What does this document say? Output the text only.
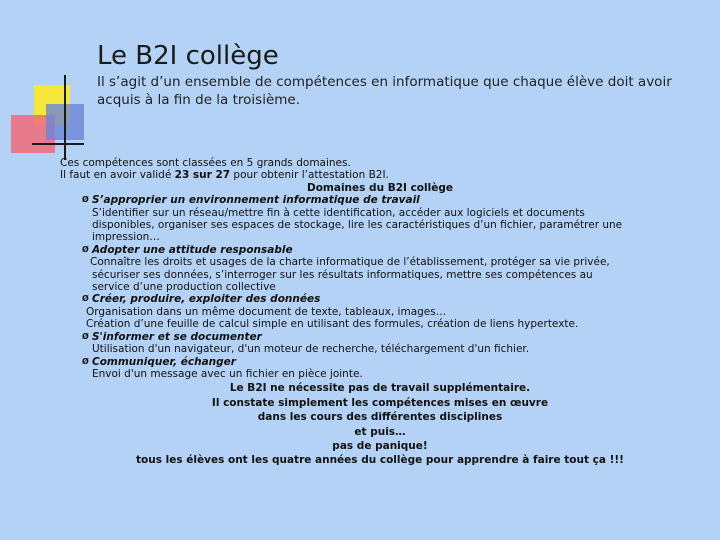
Le B2I collège
Il s’agit d’un ensemble de compétences en informatique que chaque élève doit avoir acquis à la fin de la troisième.
Ces compétences sont classées en 5 grands domaines.
Il faut en avoir validé 23 sur 27 pour obtenir l’attestation B2I.
Domaines du B2I collège
Ø S’approprier un environnement informatique de travail
S’identifier sur un réseau/mettre fin à cette identification, accéder aux logiciels et documents
disponibles, organiser ses espaces de stockage, lire les caractéristiques d’un fichier, paramétrer une
impression…
Ø Adopter une attitude responsable
Connaître les droits et usages de la charte informatique de l’établissement, protéger sa vie privée,
sécuriser ses données, s’interroger sur les résultats informatiques, mettre ses compétences au
service d’une production collective
Ø Créer, produire, exploiter des données
Organisation dans un même document de texte, tableaux, images…
Création d’une feuille de calcul simple en utilisant des formules, création de liens hypertexte.
Ø S'informer et se documenter
Utilisation d'un navigateur, d'un moteur de recherche, téléchargement d'un fichier.
Ø Communiquer, échanger
Envoi d'un message avec un fichier en pièce jointe.
Le B2I ne nécessite pas de travail supplémentaire.
Il constate simplement les compétences mises en œuvre
dans les cours des différentes disciplines
et puis…
pas de panique!
tous les élèves ont les quatre années du collège pour apprendre à faire tout ça !!!
